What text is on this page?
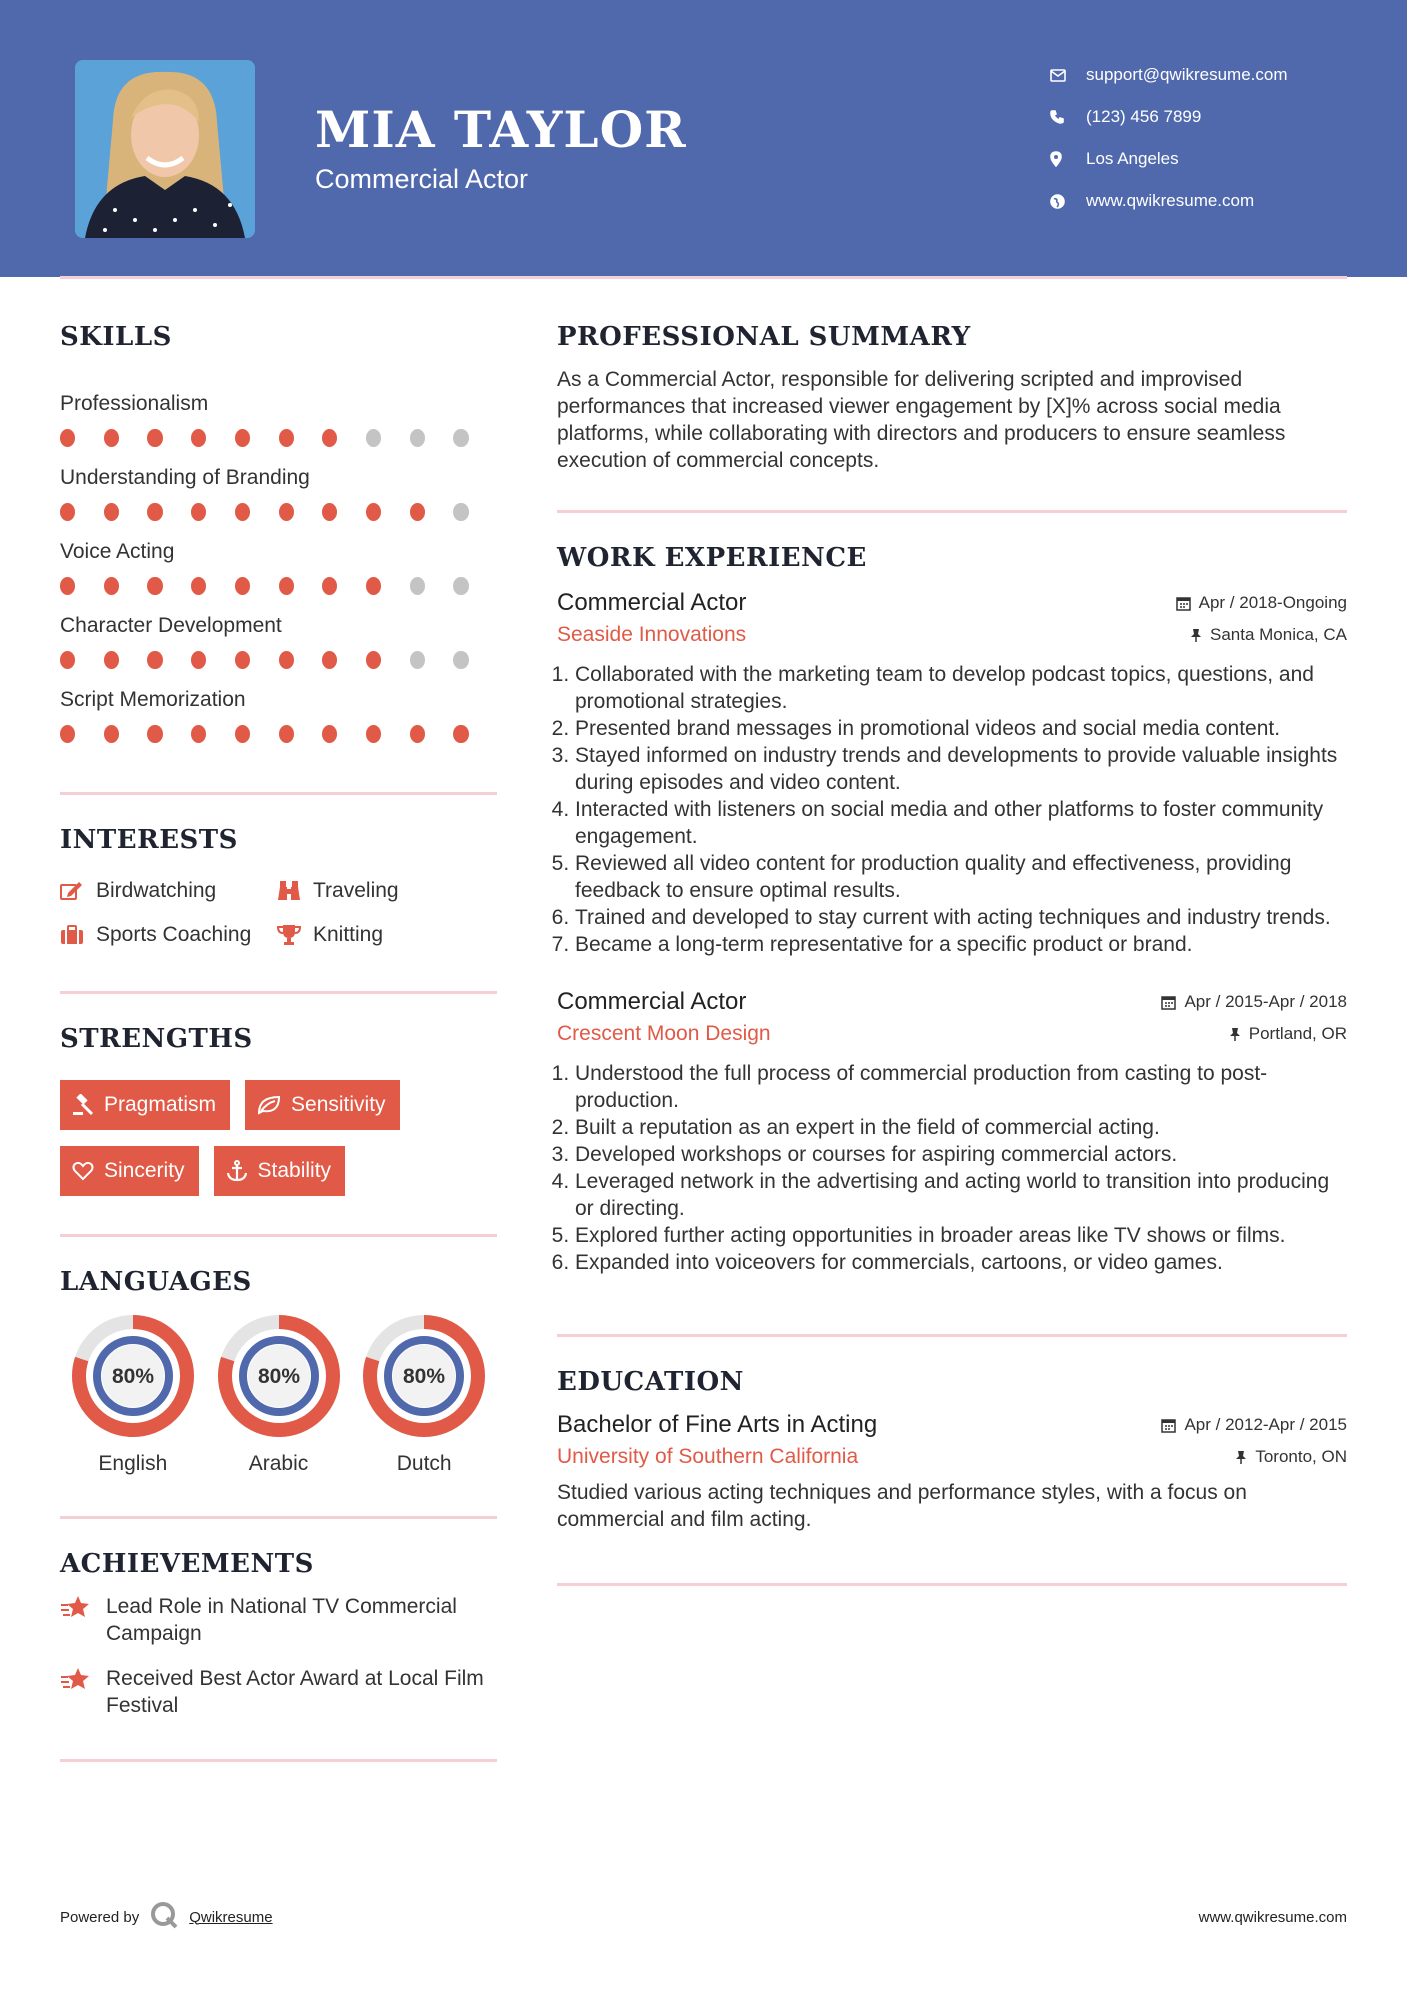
MIA TAYLOR
Commercial Actor
support@qwikresume.com
(123) 456 7899
Los Angeles
www.qwikresume.com
SKILLS
Professionalism
Understanding of Branding
Voice Acting
Character Development
Script Memorization
INTERESTS
Birdwatching	Traveling
Sports Coaching	Knitting
STRENGTHS
Pragmatism	Sensitivity
Sincerity	Stability
LANGUAGES
80%
English
80%
Arabic
80%
Dutch
ACHIEVEMENTS
Lead Role in National TV Commercial Campaign
Received Best Actor Award at Local Film Festival
PROFESSIONAL SUMMARY
As a Commercial Actor, responsible for delivering scripted and improvised performances that increased viewer engagement by [X]% across social media platforms, while collaborating with directors and producers to ensure seamless execution of commercial concepts.
WORK EXPERIENCE
Commercial Actor	Apr / 2018-Ongoing
Seaside Innovations	Santa Monica, CA
1. Collaborated with the marketing team to develop podcast topics, questions, and promotional strategies.
2. Presented brand messages in promotional videos and social media content.
3. Stayed informed on industry trends and developments to provide valuable insights during episodes and video content.
4. Interacted with listeners on social media and other platforms to foster community engagement.
5. Reviewed all video content for production quality and effectiveness, providing feedback to ensure optimal results.
6. Trained and developed to stay current with acting techniques and industry trends.
7. Became a long-term representative for a specific product or brand.
Commercial Actor	Apr / 2015-Apr / 2018
Crescent Moon Design	Portland, OR
1. Understood the full process of commercial production from casting to post-production.
2. Built a reputation as an expert in the field of commercial acting.
3. Developed workshops or courses for aspiring commercial actors.
4. Leveraged network in the advertising and acting world to transition into producing or directing.
5. Explored further acting opportunities in broader areas like TV shows or films.
6. Expanded into voiceovers for commercials, cartoons, or video games.
EDUCATION
Bachelor of Fine Arts in Acting	Apr / 2012-Apr / 2015
University of Southern California	Toronto, ON
Studied various acting techniques and performance styles, with a focus on commercial and film acting.
Powered by	Qwikresume	www.qwikresume.com
